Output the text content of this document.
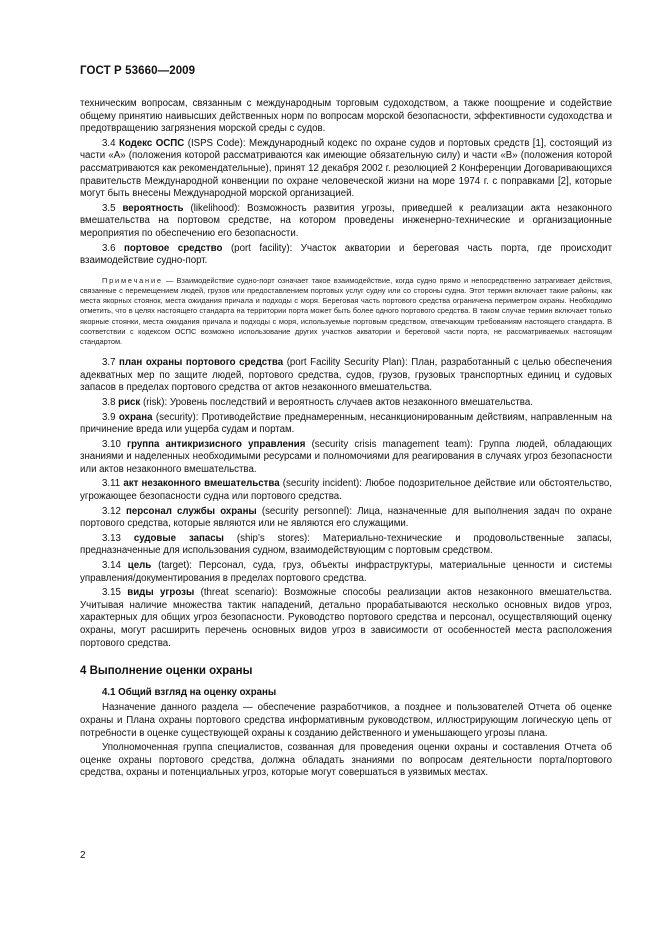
ГОСТ Р 53660—2009

техническим вопросам, связанным с международным торговым судоходством, а также поощрение и содействие общему принятию наивысших действенных норм по вопросам морской безопасности, эффективности судоходства и предотвращению загрязнения морской среды с судов.

3.4 Кодекс ОСПС (ISPS Code): Международный кодекс по охране судов и портовых средств [1], состоящий из части «А» (положения которой рассматриваются как имеющие обязательную силу) и части «В» (положения которой рассматриваются как рекомендательные), принят 12 декабря 2002 г. резолюцией 2 Конференции Договаривающихся правительств Международной конвенции по охране человеческой жизни на море 1974 г. с поправками [2], которые могут быть внесены Международной морской организацией.

3.5 вероятность (likelihood): Возможность развития угрозы, приведшей к реализации акта незаконного вмешательства на портовом средстве, на котором проведены инженерно-технические и организационные мероприятия по обеспечению его безопасности.

3.6 портовое средство (port facility): Участок акватории и береговая часть порта, где происходит взаимодействие судно-порт.

Примечание — Взаимодействие судно-порт означает такое взаимодействие, когда судно прямо и непосредственно затрагивает действия, связанные с перемещением людей, грузов или предоставлением портовых услуг судну или со стороны судна. Этот термин включает такие районы, как места якорных стоянок, места ожидания причала и подходы с моря. Береговая часть портового средства ограничена периметром охраны. Необходимо отметить, что в целях настоящего стандарта на территории порта может быть более одного портового средства. В таком случае термин включает только якорные стоянки, места ожидания причала и подходы с моря, используемые портовым средством, отвечающим требованиям настоящего стандарта. В соответствии с кодексом ОСПС возможно использование других участков акватории и береговой части порта, не рассматриваемых настоящим стандартом.

3.7 план охраны портового средства (port Facility Security Plan): План, разработанный с целью обеспечения адекватных мер по защите людей, портового средства, судов, грузов, грузовых транспортных единиц и судовых запасов в пределах портового средства от актов незаконного вмешательства.

3.8 риск (risk): Уровень последствий и вероятность случаев актов незаконного вмешательства.

3.9 охрана (security): Противодействие преднамеренным, несанкционированным действиям, направленным на причинение вреда или ущерба судам и портам.

3.10 группа антикризисного управления (security crisis management team): Группа людей, обладающих знаниями и наделенных необходимыми ресурсами и полномочиями для реагирования в случаях угроз безопасности или актов незаконного вмешательства.

3.11 акт незаконного вмешательства (security incident): Любое подозрительное действие или обстоятельство, угрожающее безопасности судна или портового средства.

3.12 персонал службы охраны (security personnel): Лица, назначенные для выполнения задач по охране портового средства, которые являются или не являются его служащими.

3.13 судовые запасы (ship’s stores): Материально-технические и продовольственные запасы, предназначенные для использования судном, взаимодействующим с портовым средством.

3.14 цель (target): Персонал, суда, груз, объекты инфраструктуры, материальные ценности и системы управления/документирования в пределах портового средства.

3.15 виды угрозы (threat scenario): Возможные способы реализации актов незаконного вмешательства. Учитывая наличие множества тактик нападений, детально прорабатываются несколько основных видов угроз, характерных для общих угроз безопасности. Руководство портового средства и персонал, осуществляющий оценку охраны, могут расширить перечень основных видов угроз в зависимости от особенностей места расположения портового средства.

4 Выполнение оценки охраны

4.1 Общий взгляд на оценку охраны

Назначение данного раздела — обеспечение разработчиков, а позднее и пользователей Отчета об оценке охраны и Плана охраны портового средства информативным руководством, иллюстрирующим логическую цепь от потребности в оценке существующей охраны к созданию действенного и уменьшающего угрозы плана.

Уполномоченная группа специалистов, созванная для проведения оценки охраны и составления Отчета об оценке охраны портового средства, должна обладать знаниями по вопросам деятельности порта/портового средства, охраны и потенциальных угроз, которые могут совершаться в уязвимых местах.

2
